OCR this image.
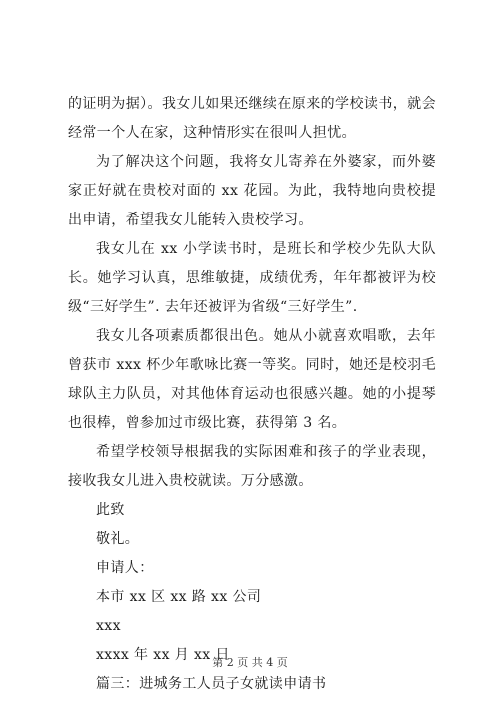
的证明为据）。我女儿如果还继续在原来的学校读书，就会经常一个人在家，这种情形实在很叫人担忧。

为了解决这个问题，我将女儿寄养在外婆家，而外婆家正好就在贵校对面的 xx 花园。为此，我特地向贵校提出申请，希望我女儿能转入贵校学习。

我女儿在 xx 小学读书时，是班长和学校少先队大队长。她学习认真，思维敏捷，成绩优秀，年年都被评为校级“三好学生”. 去年还被评为省级“三好学生”.

我女儿各项素质都很出色。她从小就喜欢唱歌，去年曾获市 xxx 杯少年歌咏比赛一等奖。同时，她还是校羽毛球队主力队员，对其他体育运动也很感兴趣。她的小提琴也很棒，曾参加过市级比赛，获得第 3 名。

希望学校领导根据我的实际困难和孩子的学业表现，接收我女儿进入贵校就读。万分感激。

此致

敬礼。

申请人：

本市 xx 区 xx 路 xx 公司

xxx

xxxx 年 xx 月 xx 日

篇三：进城务工人员子女就读申请书

第 2 页 共 4 页
